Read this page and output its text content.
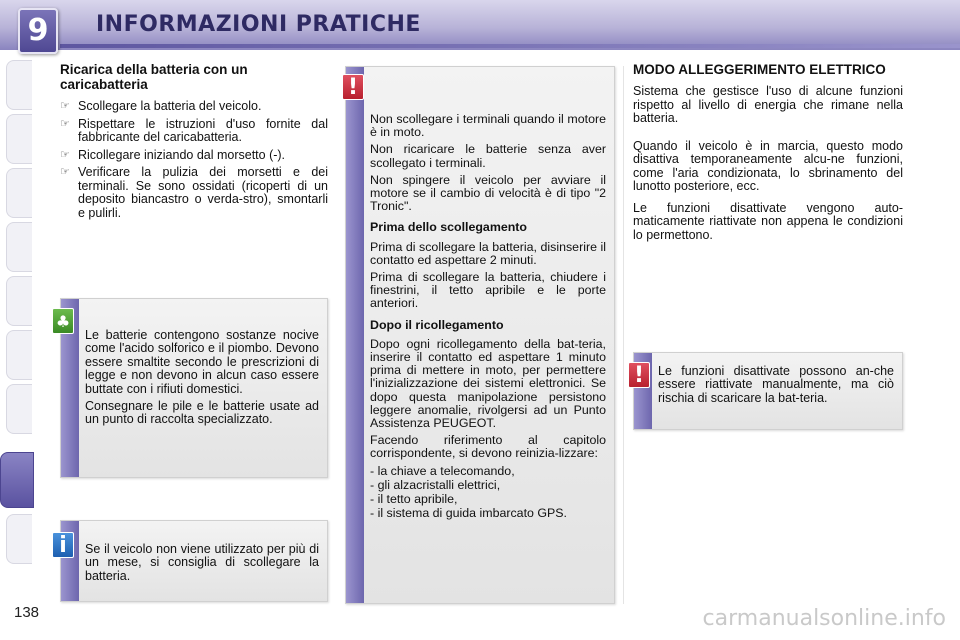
9	INFORMAZIONI PRATICHE
138
Ricarica della batteria con un caricabatteria
☞ Scollegare la batteria del veicolo.
☞ Rispettare le istruzioni d'uso fornite dal fabbricante del caricabatteria.
☞ Ricollegare iniziando dal morsetto (-).
☞ Verificare la pulizia dei morsetti e dei terminali. Se sono ossidati (ricoperti di un deposito biancastro o verda-stro), smontarli e pulirli.

Le batterie contengono sostanze nocive come l'acido solforico e il piombo. Devono essere smaltite secondo le prescrizioni di legge e non devono in alcun caso essere buttate con i rifiuti domestici.

Consegnare le pile e le batterie usate ad un punto di raccolta specializzato.

♣

Se il veicolo non viene utilizzato per più di un mese, si consiglia di scollegare la batteria.

i

Non scollegare i terminali quando il motore è in moto.

Non ricaricare le batterie senza aver scollegato i terminali.

Non spingere il veicolo per avviare il motore se il cambio di velocità è di tipo "2 Tronic".

Prima dello scollegamento

Prima di scollegare la batteria, disinserire il contatto ed aspettare 2 minuti.

Prima di scollegare la batteria, chiudere i finestrini, il tetto apribile e le porte anteriori.

Dopo il ricollegamento

Dopo ogni ricollegamento della bat-teria, inserire il contatto ed aspettare 1 minuto prima di mettere in moto, per permettere l'inizializzazione dei sistemi elettronici. Se dopo questa manipolazione persistono leggere anomalie, rivolgersi ad un Punto Assistenza PEUGEOT.

Facendo riferimento al capitolo corrispondente, si devono reinizia-lizzare:

- la chiave a telecomando,
- gli alzacristalli elettrici,
- il tetto apribile,
- il sistema di guida imbarcato GPS.
!
MODO ALLEGGERIMENTO ELETTRICO

Sistema che gestisce l'uso di alcune funzioni rispetto al livello di energia che rimane nella batteria.

Quando il veicolo è in marcia, questo modo disattiva temporaneamente alcu-ne funzioni, come l'aria condizionata, lo sbrinamento del lunotto posteriore, ecc.

Le funzioni disattivate vengono auto-maticamente riattivate non appena le condizioni lo permettono.

Le funzioni disattivate possono an-che essere riattivate manualmente, ma ciò rischia di scaricare la bat-teria.

!
carmanualsonline.info
